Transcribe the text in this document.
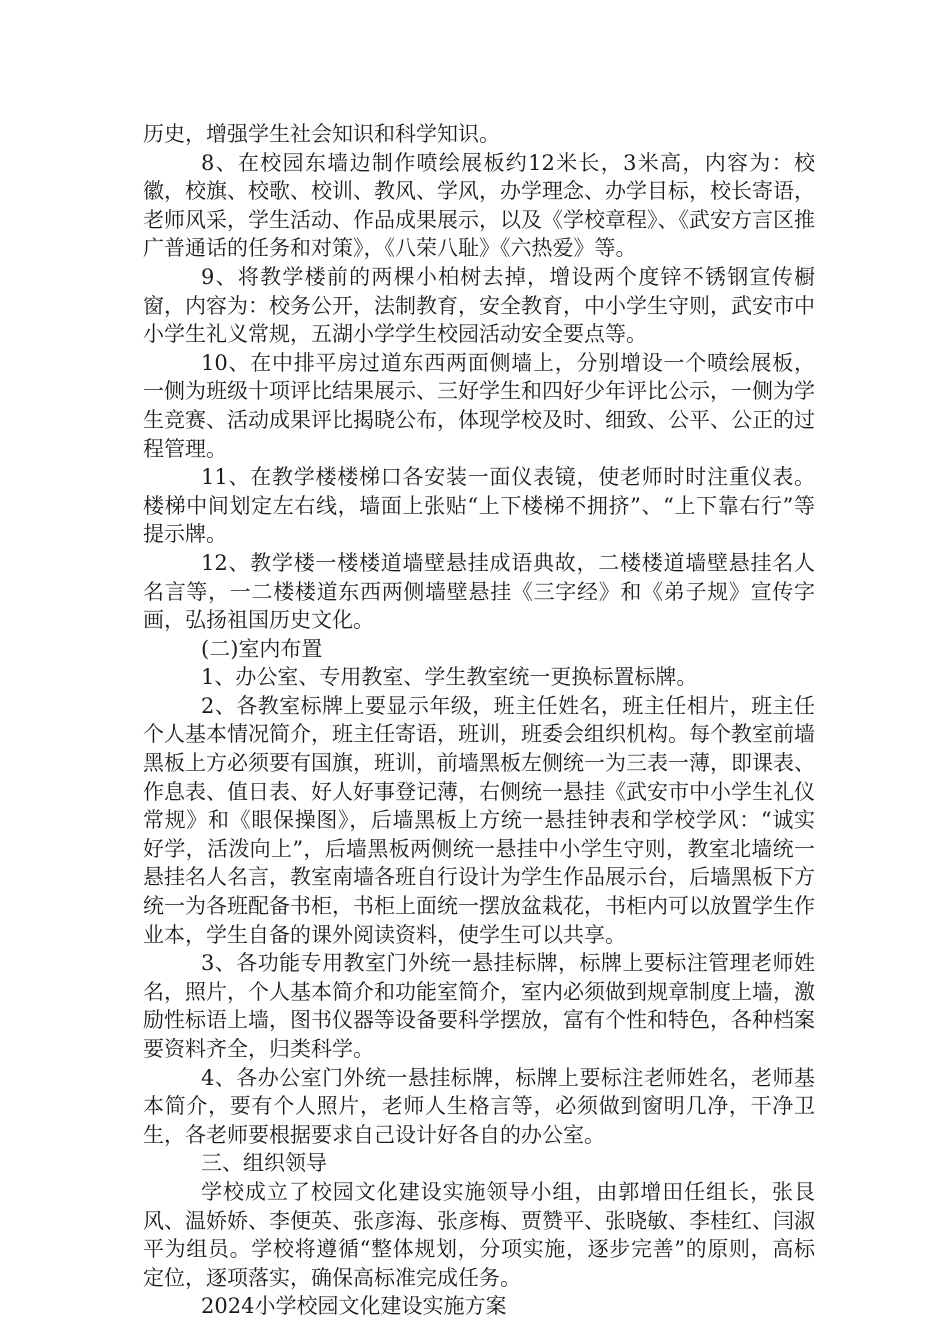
历史，增强学生社会知识和科学知识。

8、在校园东墙边制作喷绘展板约12米长，3米高，内容为：校徽，校旗、校歌、校训、教风、学风，办学理念、办学目标，校长寄语，老师风采，学生活动、作品成果展示，以及《学校章程》、《武安方言区推广普通话的任务和对策》，《八荣八耻》《六热爱》等。

9、将教学楼前的两棵小柏树去掉，增设两个度锌不锈钢宣传橱窗，内容为：校务公开，法制教育，安全教育，中小学生守则，武安市中小学生礼义常规，五湖小学学生校园活动安全要点等。

10、在中排平房过道东西两面侧墙上，分别增设一个喷绘展板，一侧为班级十项评比结果展示、三好学生和四好少年评比公示，一侧为学生竞赛、活动成果评比揭晓公布，体现学校及时、细致、公平、公正的过程管理。

11、在教学楼楼梯口各安装一面仪表镜，使老师时时注重仪表。楼梯中间划定左右线，墙面上张贴“上下楼梯不拥挤”、“上下靠右行”等提示牌。

12、教学楼一楼楼道墙壁悬挂成语典故，二楼楼道墙壁悬挂名人名言等，一二楼楼道东西两侧墙壁悬挂《三字经》和《弟子规》宣传字画，弘扬祖国历史文化。

(二)室内布置

1、办公室、专用教室、学生教室统一更换标置标牌。

2、各教室标牌上要显示年级，班主任姓名，班主任相片，班主任个人基本情况简介，班主任寄语，班训，班委会组织机构。每个教室前墙黑板上方必须要有国旗，班训，前墙黑板左侧统一为三表一薄，即课表、作息表、值日表、好人好事登记薄，右侧统一悬挂《武安市中小学生礼仪常规》和《眼保操图》，后墙黑板上方统一悬挂钟表和学校学风：“诚实好学，活泼向上”，后墙黑板两侧统一悬挂中小学生守则，教室北墙统一悬挂名人名言，教室南墙各班自行设计为学生作品展示台，后墙黑板下方统一为各班配备书柜，书柜上面统一摆放盆栽花，书柜内可以放置学生作业本，学生自备的课外阅读资料，使学生可以共享。

3、各功能专用教室门外统一悬挂标牌，标牌上要标注管理老师姓名，照片，个人基本简介和功能室简介，室内必须做到规章制度上墙，激励性标语上墙，图书仪器等设备要科学摆放，富有个性和特色，各种档案要资料齐全，归类科学。

4、各办公室门外统一悬挂标牌，标牌上要标注老师姓名，老师基本简介，要有个人照片，老师人生格言等，必须做到窗明几净，干净卫生，各老师要根据要求自己设计好各自的办公室。

三、组织领导

学校成立了校园文化建设实施领导小组，由郭增田任组长，张艮风、温娇娇、李便英、张彦海、张彦梅、贾赞平、张晓敏、李桂红、闫淑平为组员。学校将遵循“整体规划，分项实施，逐步完善”的原则，高标定位，逐项落实，确保高标准完成任务。

2024小学校园文化建设实施方案
